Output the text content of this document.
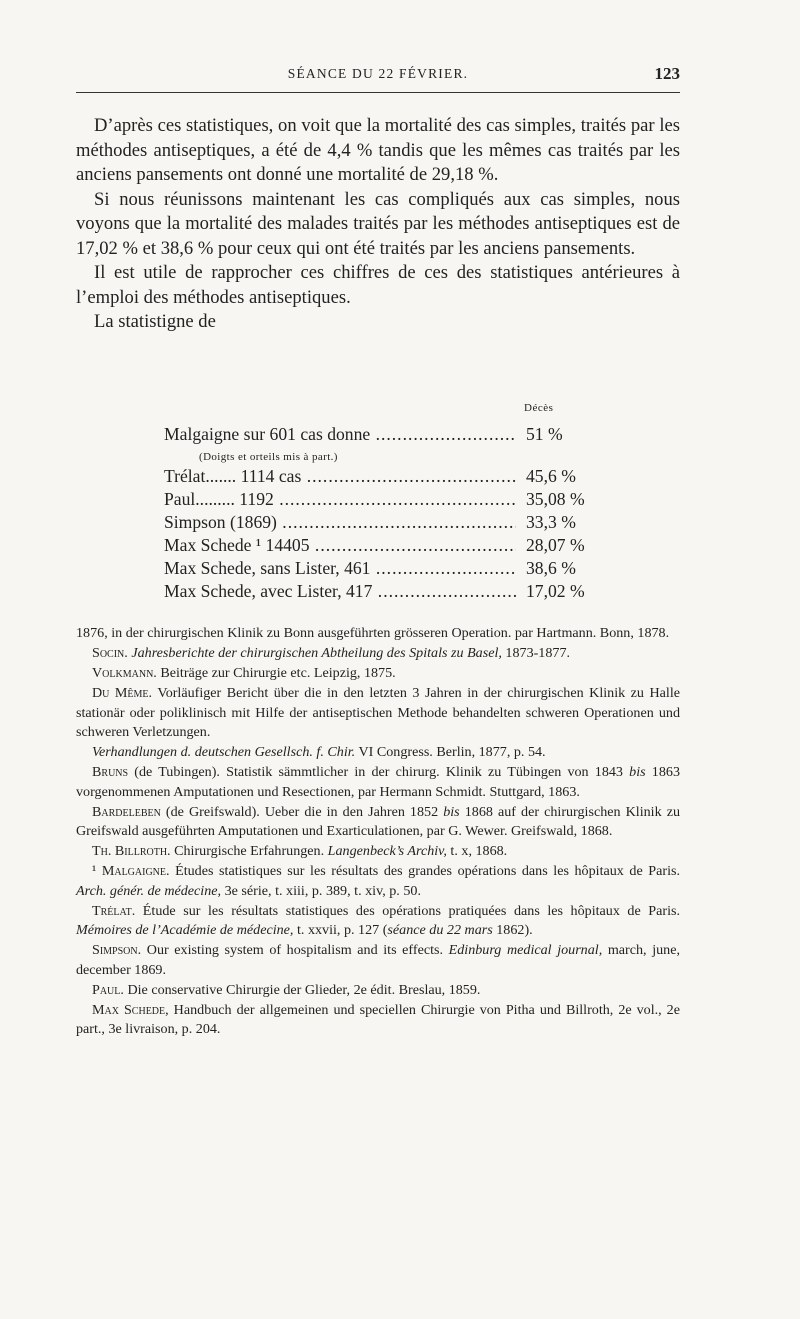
SÉANCE DU 22 FÉVRIER.	123

D’après ces statistiques, on voit que la mortalité des cas simples, traités par les méthodes antiseptiques, a été de 4,4 % tandis que les mêmes cas traités par les anciens pansements ont donné une mortalité de 29,18 %.

Si nous réunissons maintenant les cas compliqués aux cas simples, nous voyons que la mortalité des malades traités par les méthodes antiseptiques est de 17,02 % et 38,6 % pour ceux qui ont été traités par les anciens pansements.

Il est utile de rapprocher ces chiffres de ces des statistiques antérieures à l’emploi des méthodes antiseptiques.

La statistigne de

Décès
Malgaigne sur 601 cas donne .....	51 %
(Doigts et orteils mis à part.)
Trélat....... 1114 cas .....	45,6 %
Paul......... 1192 .....	35,08 %
Simpson (1869) .....	33,3 %
Max Schede ¹ 14405 .....	28,07 %
Max Schede, sans Lister, 461 .....	38,6 %
Max Schede, avec Lister, 417 .....	17,02 %

1876, in der chirurgischen Klinik zu Bonn ausgeführten grösseren Operation. par Hartmann. Bonn, 1878.

Socin. Jahresberichte der chirurgischen Abtheilung des Spitals zu Basel, 1873-1877.

Volkmann. Beiträge zur Chirurgie etc. Leipzig, 1875.

Du Même. Vorläufiger Bericht über die in den letzten 3 Jahren in der chirurgischen Klinik zu Halle stationär oder poliklinisch mit Hilfe der antiseptischen Methode behandelten schweren Operationen und schweren Verletzungen.

Verhandlungen d. deutschen Gesellsch. f. Chir. VI Congress. Berlin, 1877, p. 54.

Bruns (de Tubingen). Statistik sämmtlicher in der chirurg. Klinik zu Tübingen von 1843 bis 1863 vorgenommenen Amputationen und Resectionen, par Hermann Schmidt. Stuttgard, 1863.

Bardeleben (de Greifswald). Ueber die in den Jahren 1852 bis 1868 auf der chirurgischen Klinik zu Greifswald ausgeführten Amputationen und Exarticulationen, par G. Wewer. Greifswald, 1868.

Th. Billroth. Chirurgische Erfahrungen. Langenbeck’s Archiv, t. x, 1868.

¹ Malgaigne. Études statistiques sur les résultats des grandes opérations dans les hôpitaux de Paris. Arch. génér. de médecine, 3e série, t. xiii, p. 389, t. xiv, p. 50.

Trélat. Étude sur les résultats statistiques des opérations pratiquées dans les hôpitaux de Paris. Mémoires de l’Académie de médecine, t. xxvii, p. 127 (séance du 22 mars 1862).

Simpson. Our existing system of hospitalism and its effects. Edinburg medical journal, march, june, december 1869.

Paul. Die conservative Chirurgie der Glieder, 2e édit. Breslau, 1859.

Max Schede, Handbuch der allgemeinen und speciellen Chirurgie von Pitha und Billroth, 2e vol., 2e part., 3e livraison, p. 204.
